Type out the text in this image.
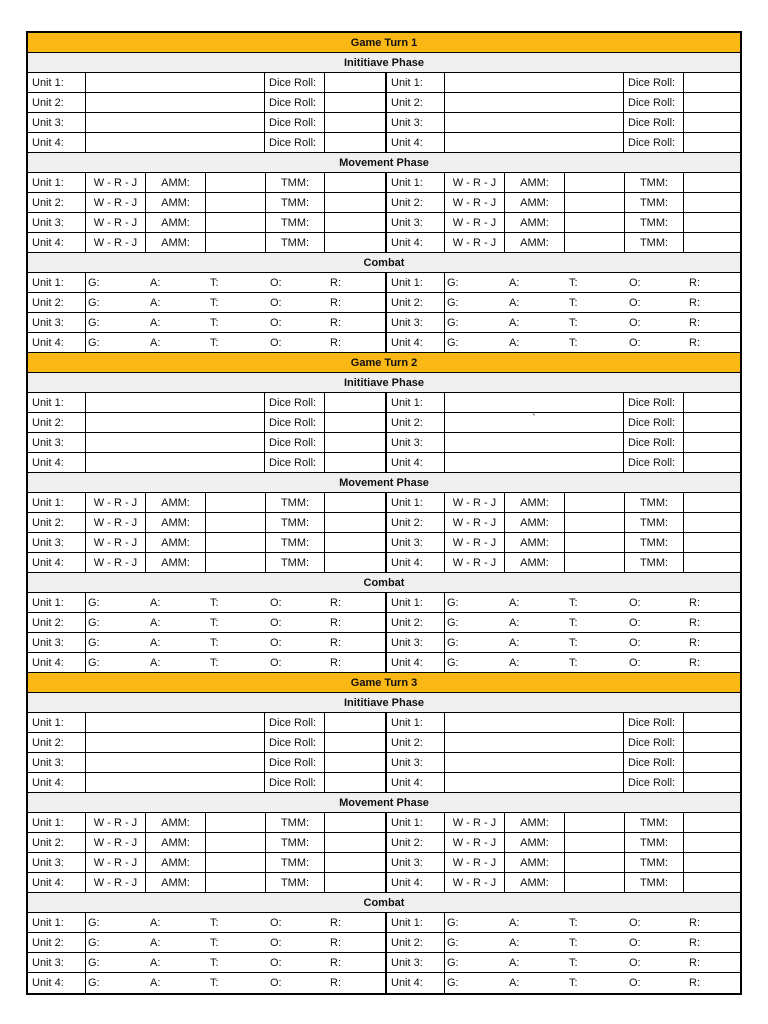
Game Turn 1
Inititiave Phase
Unit 1:	Dice Roll:	Unit 1:	Dice Roll:
Unit 2:	Dice Roll:	Unit 2:	Dice Roll:
Unit 3:	Dice Roll:	Unit 3:	Dice Roll:
Unit 4:	Dice Roll:	Unit 4:	Dice Roll:
Movement Phase
Unit 1:	W - R - J	AMM:	TMM:	Unit 1:	W - R - J	AMM:	TMM:
Unit 2:	W - R - J	AMM:	TMM:	Unit 2:	W - R - J	AMM:	TMM:
Unit 3:	W - R - J	AMM:	TMM:	Unit 3:	W - R - J	AMM:	TMM:
Unit 4:	W - R - J	AMM:	TMM:	Unit 4:	W - R - J	AMM:	TMM:
Combat
Unit 1:	G:	A:	T:	O:	R:	Unit 1:	G:	A:	T:	O:	R:
Unit 2:	G:	A:	T:	O:	R:	Unit 2:	G:	A:	T:	O:	R:
Unit 3:	G:	A:	T:	O:	R:	Unit 3:	G:	A:	T:	O:	R:
Unit 4:	G:	A:	T:	O:	R:	Unit 4:	G:	A:	T:	O:	R:
Game Turn 2
Inititiave Phase
Unit 1:	Dice Roll:	Unit 1:	Dice Roll:
Unit 2:	Dice Roll:	Unit 2:	`	Dice Roll:
Unit 3:	Dice Roll:	Unit 3:	Dice Roll:
Unit 4:	Dice Roll:	Unit 4:	Dice Roll:
Movement Phase
Unit 1:	W - R - J	AMM:	TMM:	Unit 1:	W - R - J	AMM:	TMM:
Unit 2:	W - R - J	AMM:	TMM:	Unit 2:	W - R - J	AMM:	TMM:
Unit 3:	W - R - J	AMM:	TMM:	Unit 3:	W - R - J	AMM:	TMM:
Unit 4:	W - R - J	AMM:	TMM:	Unit 4:	W - R - J	AMM:	TMM:
Combat
Unit 1:	G:	A:	T:	O:	R:	Unit 1:	G:	A:	T:	O:	R:
Unit 2:	G:	A:	T:	O:	R:	Unit 2:	G:	A:	T:	O:	R:
Unit 3:	G:	A:	T:	O:	R:	Unit 3:	G:	A:	T:	O:	R:
Unit 4:	G:	A:	T:	O:	R:	Unit 4:	G:	A:	T:	O:	R:
Game Turn 3
Inititiave Phase
Unit 1:	Dice Roll:	Unit 1:	Dice Roll:
Unit 2:	Dice Roll:	Unit 2:	Dice Roll:
Unit 3:	Dice Roll:	Unit 3:	Dice Roll:
Unit 4:	Dice Roll:	Unit 4:	Dice Roll:
Movement Phase
Unit 1:	W - R - J	AMM:	TMM:	Unit 1:	W - R - J	AMM:	TMM:
Unit 2:	W - R - J	AMM:	TMM:	Unit 2:	W - R - J	AMM:	TMM:
Unit 3:	W - R - J	AMM:	TMM:	Unit 3:	W - R - J	AMM:	TMM:
Unit 4:	W - R - J	AMM:	TMM:	Unit 4:	W - R - J	AMM:	TMM:
Combat
Unit 1:	G:	A:	T:	O:	R:	Unit 1:	G:	A:	T:	O:	R:
Unit 2:	G:	A:	T:	O:	R:	Unit 2:	G:	A:	T:	O:	R:
Unit 3:	G:	A:	T:	O:	R:	Unit 3:	G:	A:	T:	O:	R:
Unit 4:	G:	A:	T:	O:	R:	Unit 4:	G:	A:	T:	O:	R:
